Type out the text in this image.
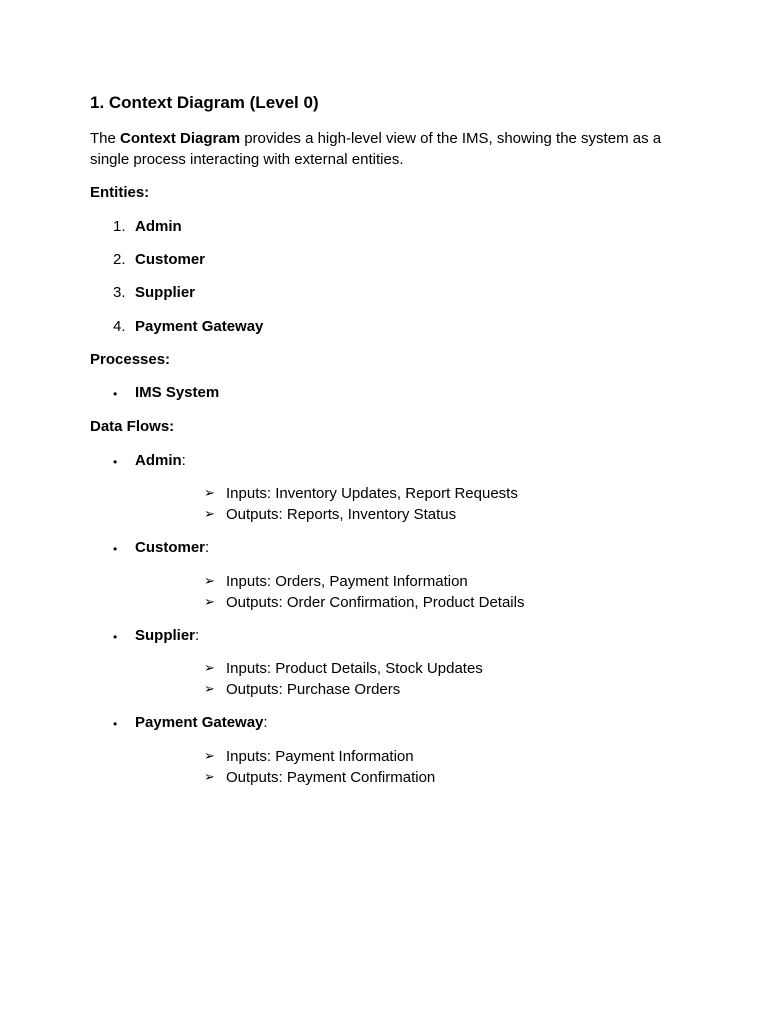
1. Context Diagram (Level 0)

The Context Diagram provides a high-level view of the IMS, showing the system as a single process interacting with external entities.

Entities:
1. Admin
2. Customer
3. Supplier
4. Payment Gateway
Processes:
• IMS System
Data Flows:
• Admin:
➢ Inputs: Inventory Updates, Report Requests
➢ Outputs: Reports, Inventory Status
• Customer:
➢ Inputs: Orders, Payment Information
➢ Outputs: Order Confirmation, Product Details
• Supplier:
➢ Inputs: Product Details, Stock Updates
➢ Outputs: Purchase Orders
• Payment Gateway:
➢ Inputs: Payment Information
➢ Outputs: Payment Confirmation
